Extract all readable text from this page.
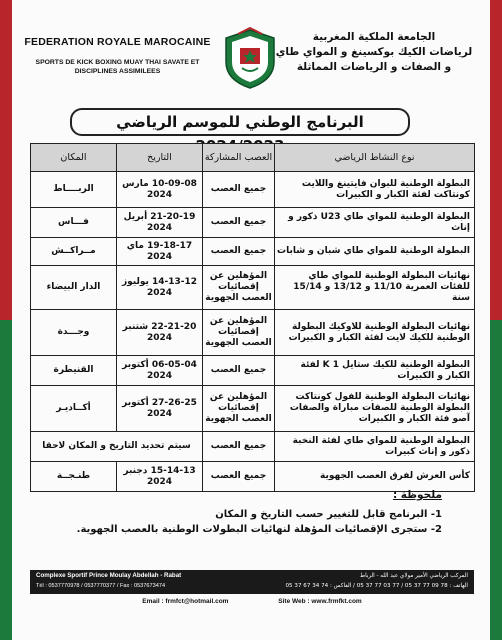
FEDERATION ROYALE MAROCAINE
SPORTS DE KICK BOXING MUAY THAI SAVATE ET DISCIPLINES ASSIMILEES
الجامعة الملكية المغربية
لرياضات الكيك بوكسينغ و المواي طاي
و الصفات و الرياضات المماثلة
البرنامج الوطني للموسم الرياضي
نوع النشاط الرياضي	العصب المشاركة	التاريخ	المكان
البطولة الوطنية للبوان فايتينغ واللايت كونتاكت لفئة الكبار و الكبيرات	جميع العصب	10-09-08 مارس 2024	الربــــاط
البطولة الوطنية للمواي طاي U23 ذكور و إناث	جميع العصب	21-20-19 أبريل 2024	فـــاس
البطولة الوطنية للمواي طاي شبان و شابات	جميع العصب	19-18-17 ماي 2024	مــراكــش
نهائيات البطولة الوطنية للمواي طاي للفئات العمرية 11/10 و 13/12 و 15/14 سنة	المؤهلين عن إقصائيات العصب الجهوية	14-13-12 يوليوز 2024	الدار البيضاء
نهائيات البطولة الوطنية للاوكيك البطولة الوطنية للكيك لايت لفئة الكبار و الكبيرات	المؤهلين عن إقصائيات العصب الجهوية	22-21-20 شتنبر 2024	وجـــدة
البطولة الوطنية للكيك ستايل K 1 لفئة الكبار و الكبيرات	جميع العصب	06-05-04 أكتوبر 2024	القنيطرة
نهائيات البطولة الوطنية للفول كونتاكت البطولة الوطنية للصفات مباراة والصفات آصو فئة الكبار و الكبيرات	المؤهلين عن إقصائيات العصب الجهوية	27-26-25 أكتوبر 2024	أكــاديـر
البطولة الوطنية للمواي طاي لفئة النخبة ذكور و إناث كبيرات	جميع العصب	سيتم تحديد التاريخ و المكان لاحقا	
كأس العرش لفرق العصب الجهوية	جميع العصب	15-14-13 دجنبر 2024	طنـجــة
ملحوظة :
1- البرنامج قابل للتغيير حسب التاريخ و المكان
2- ستجرى الإقصائيات المؤهلة لنهائيات البطولات الوطنية بالعصب الجهوية.
Complexe Sportif Prince Moulay Abdellah - Rabat
Tél : 0537770978 / 0537770377 / Fax : 0537673474
المركب الرياضي الأمير مولاي عبد الله - الرباط
الهاتف : 78 09 77 37 05 / 77 03 77 37 05 / الفاكس : 74 34 67 37 05
Email : frmfct@hotmail.com	Site Web : www.frmfkt.com
